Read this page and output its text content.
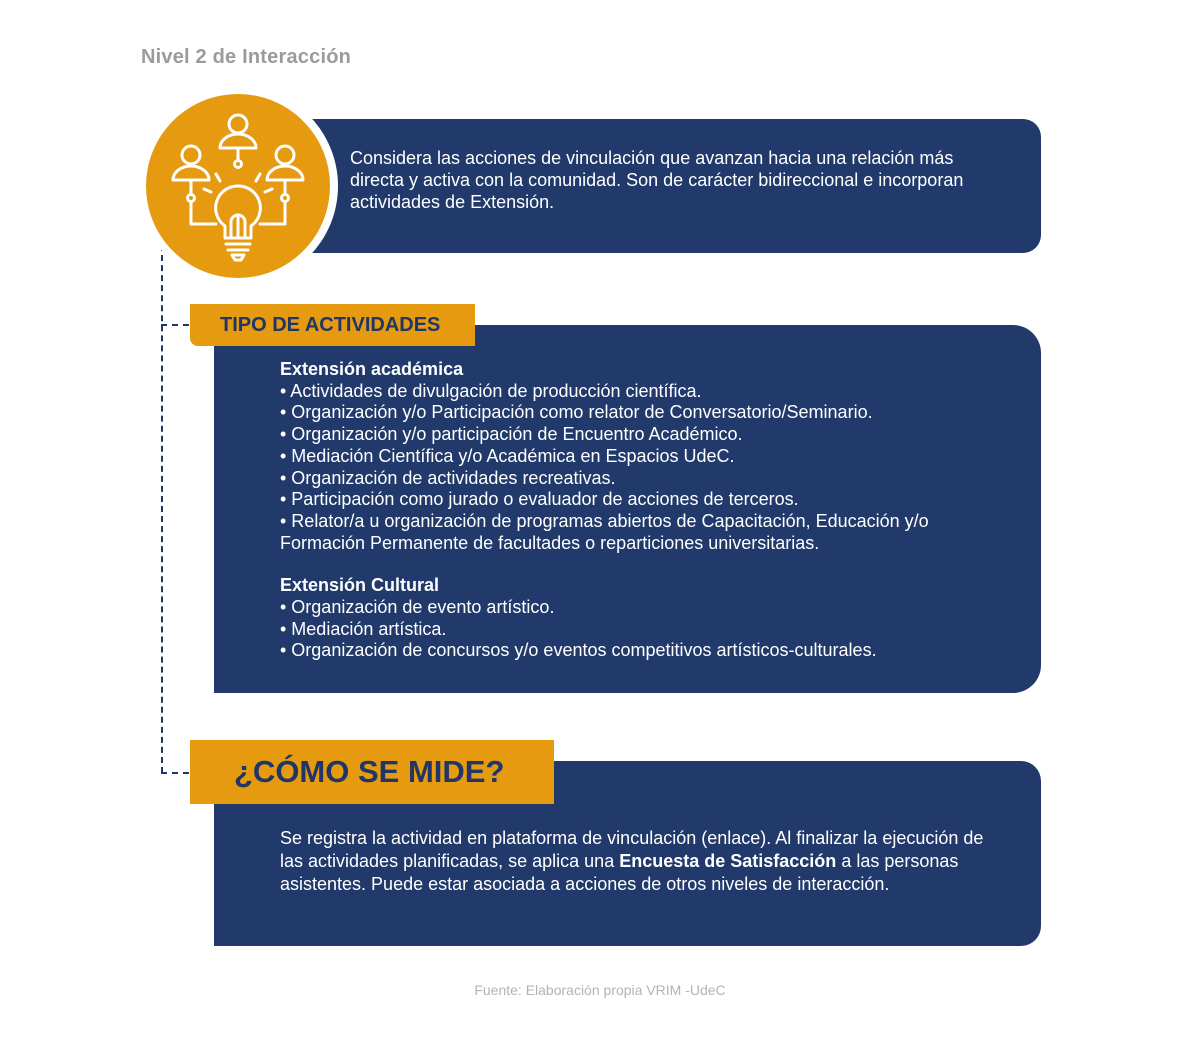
Nivel 2 de Interacción
Considera las acciones de vinculación que avanzan hacia una relación más directa y activa con la comunidad. Son de carácter bidireccional e incorporan actividades de Extensión.
Extensión académica
• Actividades de divulgación de producción científica.
• Organización y/o Participación como relator de Conversatorio/Seminario.
• Organización y/o participación de Encuentro Académico.
• Mediación Científica y/o Académica en Espacios UdeC.
• Organización de actividades recreativas.
• Participación como jurado o evaluador de acciones de terceros.
• Relator/a u organización de programas abiertos de Capacitación, Educación y/o Formación Permanente de facultades o reparticiones universitarias.
Extensión Cultural
• Organización de evento artístico.
• Mediación artística.
• Organización de concursos y/o eventos competitivos artísticos-culturales.
TIPO DE ACTIVIDADES
Se registra la actividad en plataforma de vinculación (enlace). Al finalizar la ejecución de las actividades planificadas, se aplica una Encuesta de Satisfacción a las personas asistentes. Puede estar asociada a acciones de otros niveles de interacción.
¿CÓMO SE MIDE?
Fuente: Elaboración propia VRIM -UdeC
